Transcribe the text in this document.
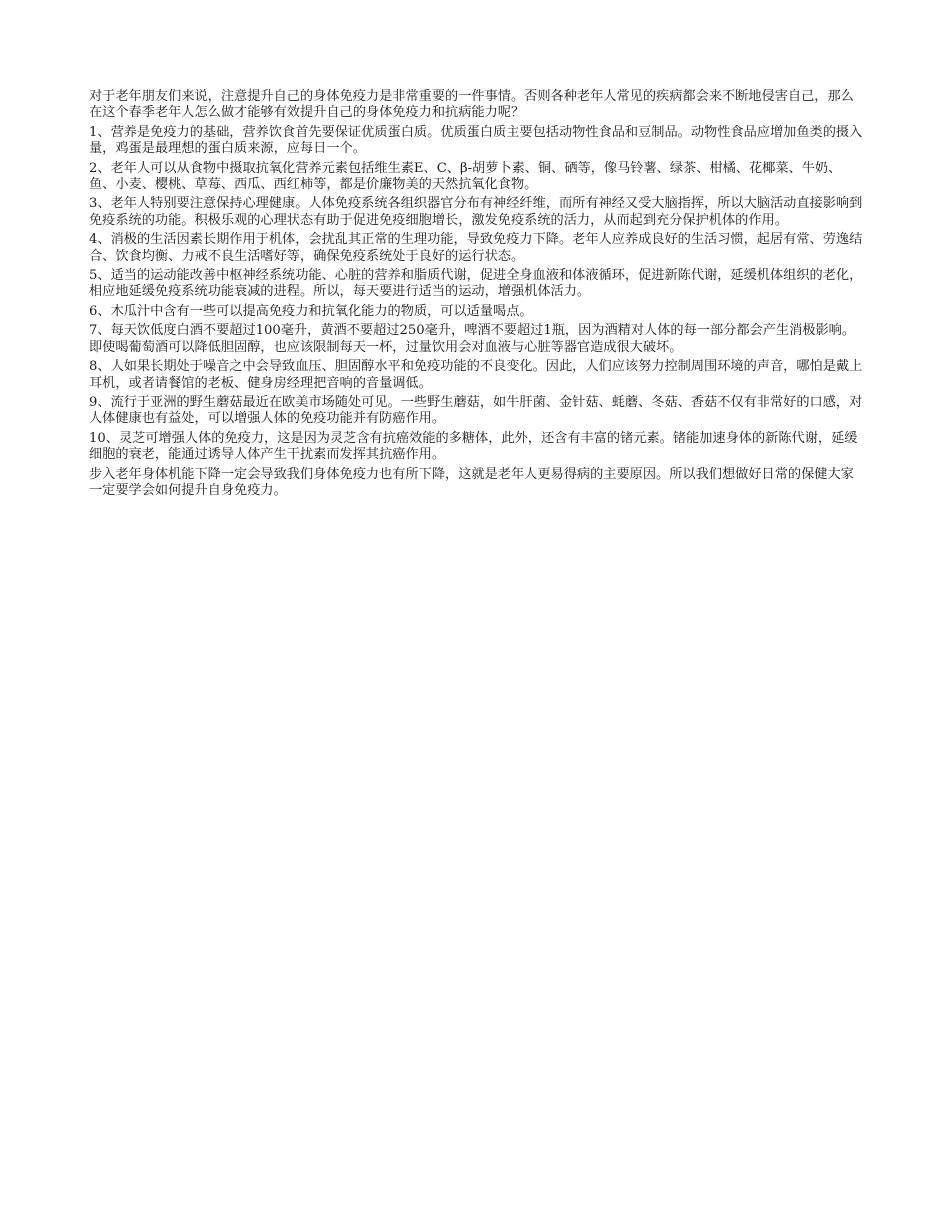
对于老年朋友们来说，注意提升自己的身体免疫力是非常重要的一件事情。否则各种老年人常见的疾病都会来不断地侵害自己，那么在这个春季老年人怎么做才能够有效提升自己的身体免疫力和抗病能力呢？

1、营养是免疫力的基础，营养饮食首先要保证优质蛋白质。优质蛋白质主要包括动物性食品和豆制品。动物性食品应增加鱼类的摄入量，鸡蛋是最理想的蛋白质来源，应每日一个。

2、老年人可以从食物中摄取抗氧化营养元素包括维生素E、C、β-胡萝卜素、铜、硒等，像马铃薯、绿茶、柑橘、花椰菜、牛奶、鱼、小麦、樱桃、草莓、西瓜、西红柿等，都是价廉物美的天然抗氧化食物。

3、老年人特别要注意保持心理健康。人体免疫系统各组织器官分布有神经纤维，而所有神经又受大脑指挥，所以大脑活动直接影响到免疫系统的功能。积极乐观的心理状态有助于促进免疫细胞增长，激发免疫系统的活力，从而起到充分保护机体的作用。

4、消极的生活因素长期作用于机体，会扰乱其正常的生理功能，导致免疫力下降。老年人应养成良好的生活习惯，起居有常、劳逸结合、饮食均衡、力戒不良生活嗜好等，确保免疫系统处于良好的运行状态。

5、适当的运动能改善中枢神经系统功能、心脏的营养和脂质代谢，促进全身血液和体液循环，促进新陈代谢，延缓机体组织的老化，相应地延缓免疫系统功能衰减的进程。所以，每天要进行适当的运动，增强机体活力。

6、木瓜汁中含有一些可以提高免疫力和抗氧化能力的物质，可以适量喝点。

7、每天饮低度白酒不要超过100毫升，黄酒不要超过250毫升，啤酒不要超过1瓶，因为酒精对人体的每一部分都会产生消极影响。即使喝葡萄酒可以降低胆固醇，也应该限制每天一杯，过量饮用会对血液与心脏等器官造成很大破坏。

8、人如果长期处于噪音之中会导致血压、胆固醇水平和免疫功能的不良变化。因此，人们应该努力控制周围环境的声音，哪怕是戴上耳机，或者请餐馆的老板、健身房经理把音响的音量调低。

9、流行于亚洲的野生蘑菇最近在欧美市场随处可见。一些野生蘑菇，如牛肝菌、金针菇、蚝蘑、冬菇、香菇不仅有非常好的口感，对人体健康也有益处，可以增强人体的免疫功能并有防癌作用。

10、灵芝可增强人体的免疫力，这是因为灵芝含有抗癌效能的多糖体，此外，还含有丰富的锗元素。锗能加速身体的新陈代谢，延缓细胞的衰老，能通过诱导人体产生干扰素而发挥其抗癌作用。

步入老年身体机能下降一定会导致我们身体免疫力也有所下降，这就是老年人更易得病的主要原因。所以我们想做好日常的保健大家一定要学会如何提升自身免疫力。
